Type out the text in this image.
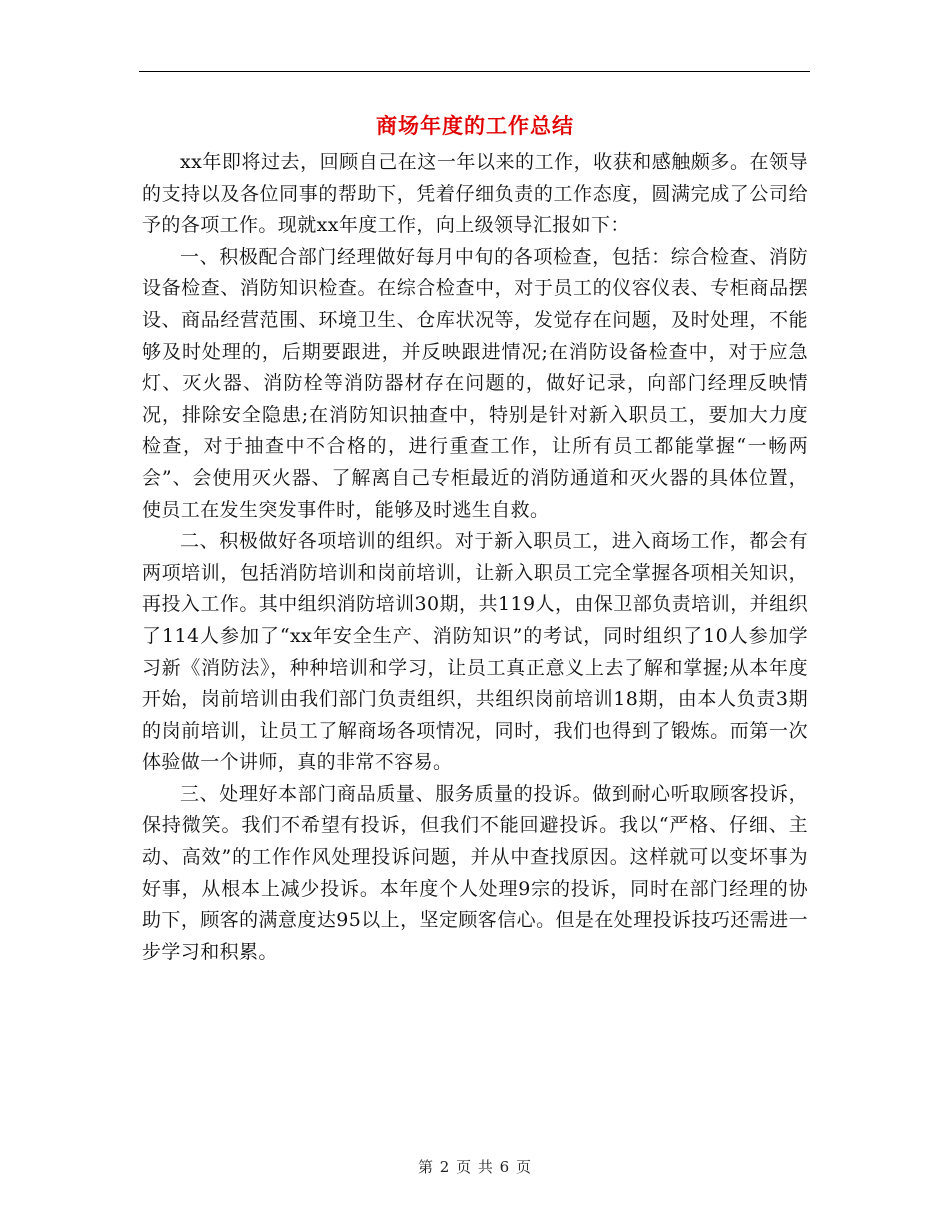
商场年度的工作总结

xx年即将过去，回顾自己在这一年以来的工作，收获和感触颇多。在领导的支持以及各位同事的帮助下，凭着仔细负责的工作态度，圆满完成了公司给予的各项工作。现就xx年度工作，向上级领导汇报如下：

一、积极配合部门经理做好每月中旬的各项检查，包括：综合检查、消防设备检查、消防知识检查。在综合检查中，对于员工的仪容仪表、专柜商品摆设、商品经营范围、环境卫生、仓库状况等，发觉存在问题，及时处理，不能够及时处理的，后期要跟进，并反映跟进情况;在消防设备检查中，对于应急灯、灭火器、消防栓等消防器材存在问题的，做好记录，向部门经理反映情况，排除安全隐患;在消防知识抽查中，特别是针对新入职员工，要加大力度检查，对于抽查中不合格的，进行重查工作，让所有员工都能掌握“一畅两会”、会使用灭火器、了解离自己专柜最近的消防通道和灭火器的具体位置，使员工在发生突发事件时，能够及时逃生自救。

二、积极做好各项培训的组织。对于新入职员工，进入商场工作，都会有两项培训，包括消防培训和岗前培训，让新入职员工完全掌握各项相关知识，再投入工作。其中组织消防培训30期，共119人，由保卫部负责培训，并组织了114人参加了“xx年安全生产、消防知识”的考试，同时组织了10人参加学习新《消防法》，种种培训和学习，让员工真正意义上去了解和掌握;从本年度开始，岗前培训由我们部门负责组织，共组织岗前培训18期，由本人负责3期的岗前培训，让员工了解商场各项情况，同时，我们也得到了锻炼。而第一次体验做一个讲师，真的非常不容易。

三、处理好本部门商品质量、服务质量的投诉。做到耐心听取顾客投诉，保持微笑。我们不希望有投诉，但我们不能回避投诉。我以“严格、仔细、主动、高效”的工作作风处理投诉问题，并从中查找原因。这样就可以变坏事为好事，从根本上减少投诉。本年度个人处理9宗的投诉，同时在部门经理的协助下，顾客的满意度达95以上，坚定顾客信心。但是在处理投诉技巧还需进一步学习和积累。

第 2 页 共 6 页
